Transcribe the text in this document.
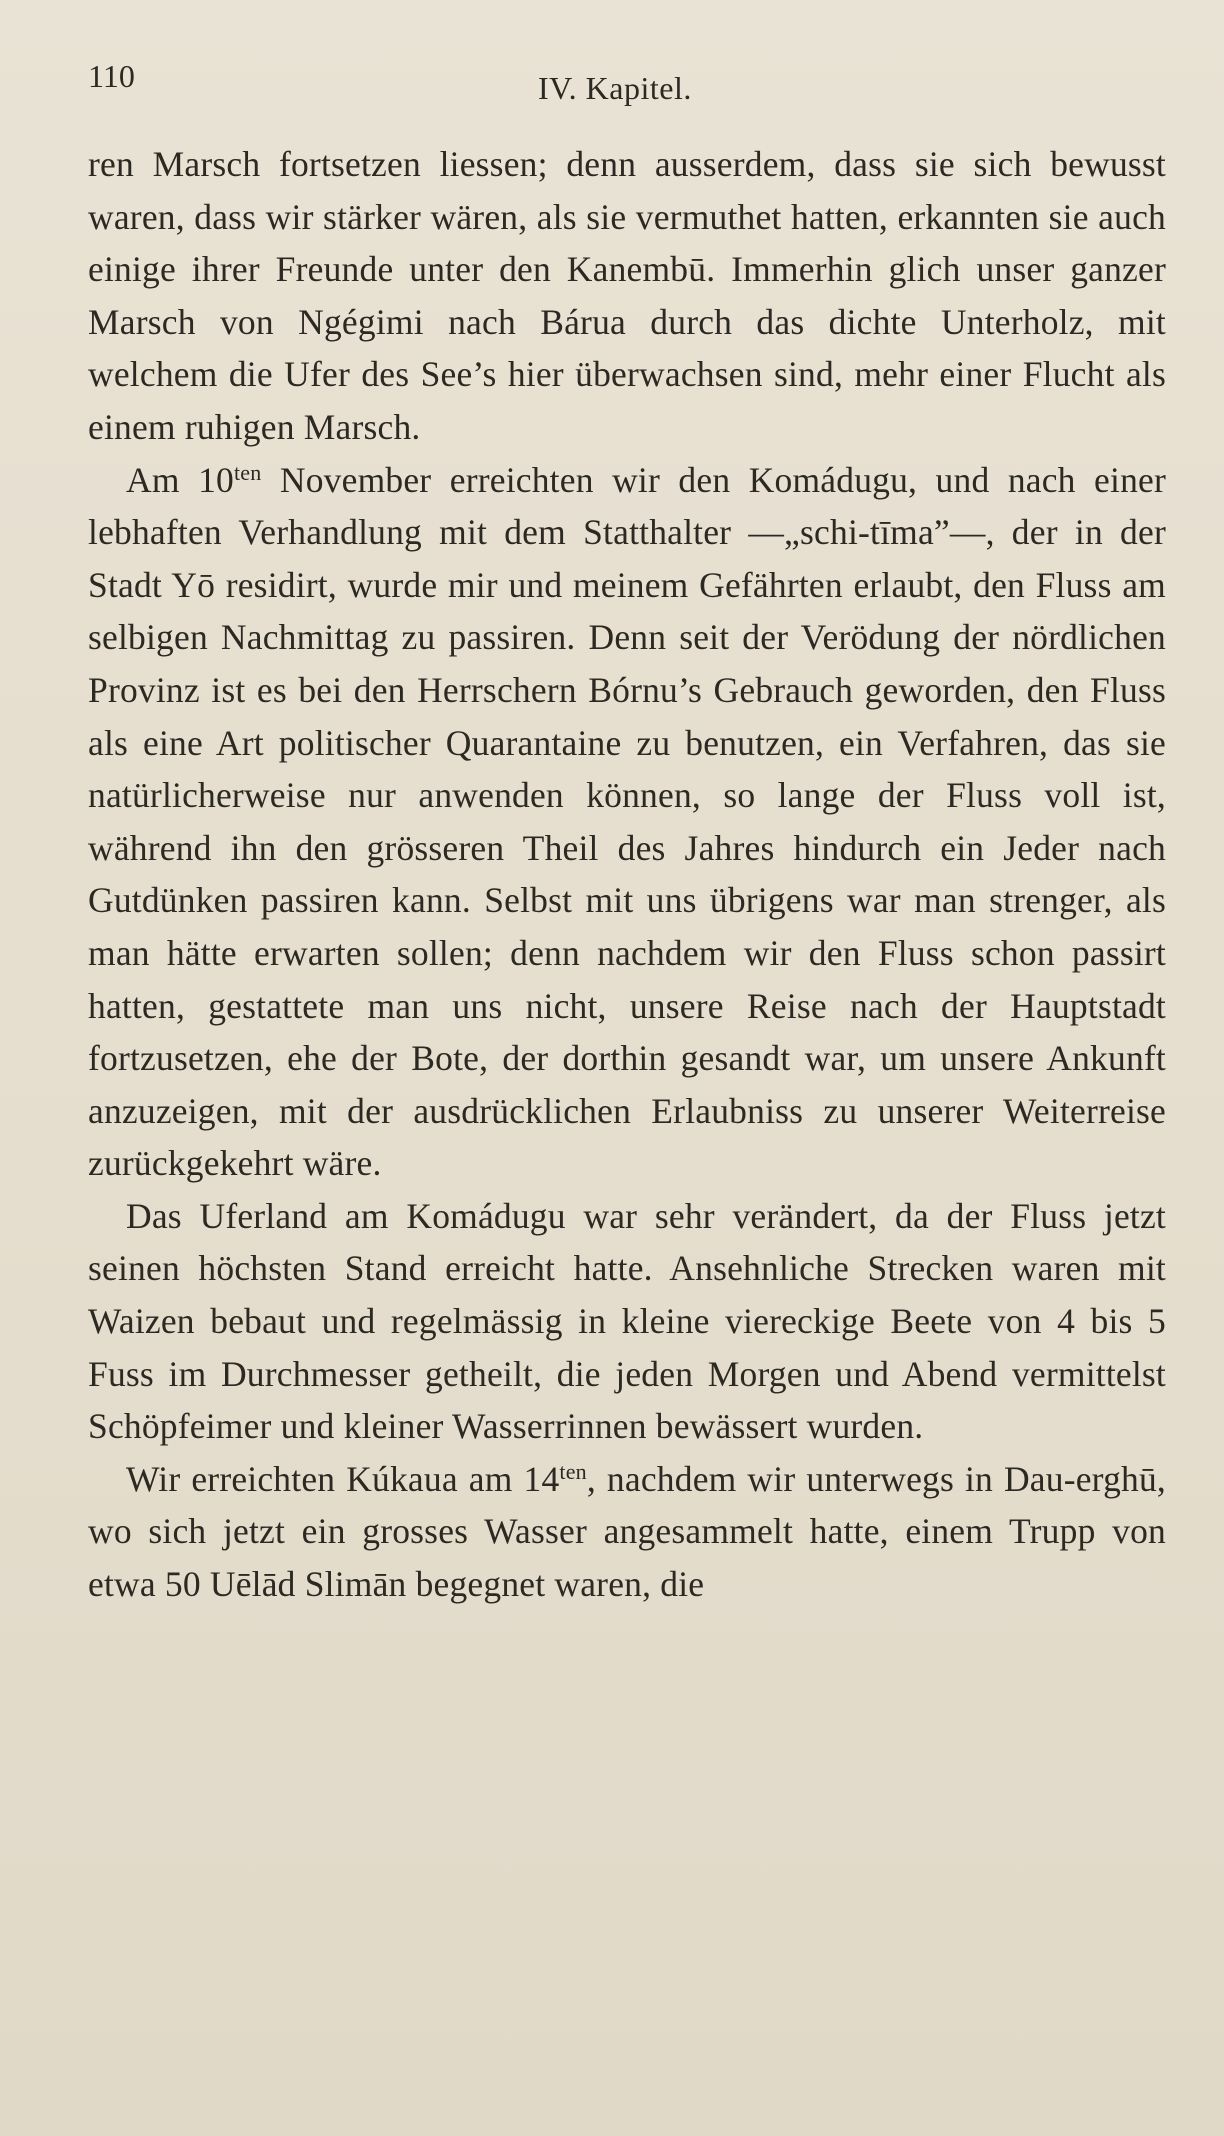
110	IV. Kapitel.

ren Marsch fortsetzen liessen; denn ausserdem, dass sie sich bewusst waren, dass wir stärker wären, als sie vermuthet hatten, erkannten sie auch einige ihrer Freunde unter den Kanembū. Immerhin glich unser ganzer Marsch von Ngégimi nach Bárua durch das dichte Unterholz, mit welchem die Ufer des See’s hier überwachsen sind, mehr einer Flucht als einem ruhigen Marsch.

Am $10^{ten}$ November erreichten wir den Komádugu, und nach einer lebhaften Verhandlung mit dem Statthalter —„schi-tīma”—, der in der Stadt Yō residirt, wurde mir und meinem Gefährten erlaubt, den Fluss am selbigen Nachmittag zu passiren. Denn seit der Verödung der nördlichen Provinz ist es bei den Herrschern Bórnu’s Gebrauch geworden, den Fluss als eine Art politischer Quarantaine zu benutzen, ein Verfahren, das sie natürlicherweise nur anwenden können, so lange der Fluss voll ist, während ihn den grösseren Theil des Jahres hindurch ein Jeder nach Gutdünken passiren kann. Selbst mit uns übrigens war man strenger, als man hätte erwarten sollen; denn nachdem wir den Fluss schon passirt hatten, gestattete man uns nicht, unsere Reise nach der Hauptstadt fortzusetzen, ehe der Bote, der dorthin gesandt war, um unsere Ankunft anzuzeigen, mit der ausdrücklichen Erlaubniss zu unserer Weiterreise zurückgekehrt wäre.

Das Uferland am Komádugu war sehr verändert, da der Fluss jetzt seinen höchsten Stand erreicht hatte. Ansehnliche Strecken waren mit Waizen bebaut und regelmässig in kleine viereckige Beete von 4 bis 5 Fuss im Durchmesser getheilt, die jeden Morgen und Abend vermittelst Schöpfeimer und kleiner Wasserrinnen bewässert wurden.

Wir erreichten Kúkaua am $14^{ten}$, nachdem wir unterwegs in Dau-erghū, wo sich jetzt ein grosses Wasser angesammelt hatte, einem Trupp von etwa 50 Uēlād Slimān begegnet waren, die
